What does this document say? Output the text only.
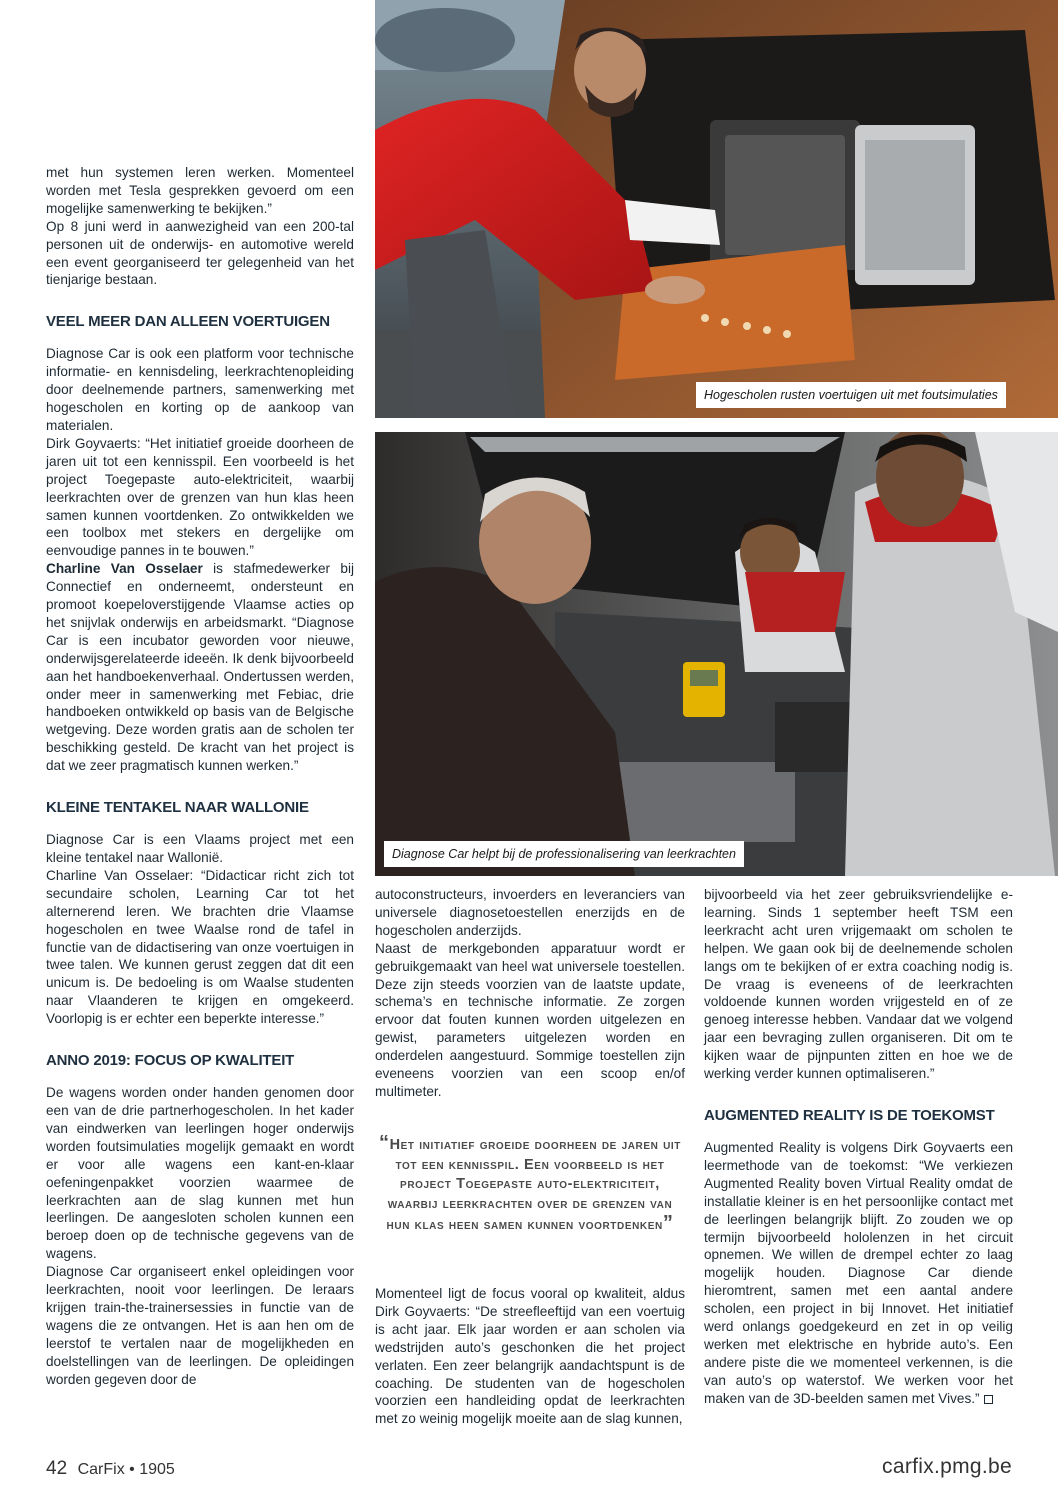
met hun systemen leren werken. Momenteel worden met Tesla gesprekken gevoerd om een mogelijke samenwerking te bekijken.”

Op 8 juni werd in aanwezigheid van een 200-tal personen uit de onderwijs- en automotive wereld een event georganiseerd ter gelegenheid van het tienjarige bestaan.

VEEL MEER DAN ALLEEN VOERTUIGEN

Diagnose Car is ook een platform voor technische informatie- en kennisdeling, leerkrachtenopleiding door deelnemende partners, samenwerking met hogescholen en korting op de aankoop van materialen.

Dirk Goyvaerts: “Het initiatief groeide doorheen de jaren uit tot een kennisspil. Een voorbeeld is het project Toegepaste auto-elektriciteit, waarbij leerkrachten over de grenzen van hun klas heen samen kunnen voortdenken. Zo ontwikkelden we een toolbox met stekers en dergelijke om eenvoudige pannes in te bouwen.”

Charline Van Osselaer is stafmedewerker bij Connectief en onderneemt, ondersteunt en promoot koepeloverstijgende Vlaamse acties op het snijvlak onderwijs en arbeidsmarkt. “Diagnose Car is een incubator geworden voor nieuwe, onderwijsgerelateerde ideeën. Ik denk bijvoorbeeld aan het handboekenverhaal. Ondertussen werden, onder meer in samenwerking met Febiac, drie handboeken ontwikkeld op basis van de Belgische wetgeving. Deze worden gratis aan de scholen ter beschikking gesteld. De kracht van het project is dat we zeer pragmatisch kunnen werken.”

KLEINE TENTAKEL NAAR WALLONIE

Diagnose Car is een Vlaams project met een kleine tentakel naar Wallonië.

Charline Van Osselaer: “Didacticar richt zich tot secundaire scholen, Learning Car tot het alternerend leren. We brachten drie Vlaamse hogescholen en twee Waalse rond de tafel in functie van de didactisering van onze voertuigen in twee talen. We kunnen gerust zeggen dat dit een unicum is. De bedoeling is om Waalse studenten naar Vlaanderen te krijgen en omgekeerd. Voorlopig is er echter een beperkte interesse.”

ANNO 2019: FOCUS OP KWALITEIT

De wagens worden onder handen genomen door een van de drie partnerhogescholen. In het kader van eindwerken van leerlingen hoger onderwijs worden foutsimulaties mogelijk gemaakt en wordt er voor alle wagens een kant-en-klaar oefeningenpakket voorzien waarmee de leerkrachten aan de slag kunnen met hun leerlingen. De aangesloten scholen kunnen een beroep doen op de technische gegevens van de wagens.

Diagnose Car organiseert enkel opleidingen voor leerkrachten, nooit voor leerlingen. De leraars krijgen train-the-trainersessies in functie van de wagens die ze ontvangen. Het is aan hen om de leerstof te vertalen naar de mogelijkheden en doelstellingen van de leerlingen. De opleidingen worden gegeven door de

Hogescholen rusten voertuigen uit met foutsimulaties
Diagnose Car helpt bij de professionalisering van leerkrachten

autoconstructeurs, invoerders en leveranciers van universele diagnosetoestellen enerzijds en de hogescholen anderzijds.

Naast de merkgebonden apparatuur wordt er gebruikgemaakt van heel wat universele toestellen. Deze zijn steeds voorzien van de laatste update, schema’s en technische informatie. Ze zorgen ervoor dat fouten kunnen worden uitgelezen en gewist, parameters uitgelezen worden en onderdelen aangestuurd. Sommige toestellen zijn eveneens voorzien van een scoop en/of multimeter.

“Het initiatief groeide doorheen de jaren uit tot een kennisspil. Een voorbeeld is het project Toegepaste auto-elektriciteit, waarbij leerkrachten over de grenzen van hun klas heen samen kunnen voortdenken”

Momenteel ligt de focus vooral op kwaliteit, aldus Dirk Goyvaerts: “De streefleeftijd van een voertuig is acht jaar. Elk jaar worden er aan scholen via wedstrijden auto’s geschonken die het project verlaten. Een zeer belangrijk aandachtspunt is de coaching. De studenten van de hogescholen voorzien een handleiding opdat de leerkrachten met zo weinig mogelijk moeite aan de slag kunnen,

bijvoorbeeld via het zeer gebruiksvriendelijke e-learning. Sinds 1 september heeft TSM een leerkracht acht uren vrijgemaakt om scholen te helpen. We gaan ook bij de deelnemende scholen langs om te bekijken of er extra coaching nodig is. De vraag is eveneens of de leerkrachten voldoende kunnen worden vrijgesteld en of ze genoeg interesse hebben. Vandaar dat we volgend jaar een bevraging zullen organiseren. Dit om te kijken waar de pijnpunten zitten en hoe we de werking verder kunnen optimaliseren.”

AUGMENTED REALITY IS DE TOEKOMST

Augmented Reality is volgens Dirk Goyvaerts een leermethode van de toekomst: “We verkiezen Augmented Reality boven Virtual Reality omdat de installatie kleiner is en het persoonlijke contact met de leerlingen belangrijk blijft. Zo zouden we op termijn bijvoorbeeld hololenzen in het circuit opnemen. We willen de drempel echter zo laag mogelijk houden. Diagnose Car diende hieromtrent, samen met een aantal andere scholen, een project in bij Innovet. Het initiatief werd onlangs goedgekeurd en zet in op veilig werken met elektrische en hybride auto’s. Een andere piste die we momenteel verkennen, is die van auto’s op waterstof. We werken voor het maken van de 3D-beelden samen met Vives.”

42 CarFix • 1905	carfix.pmg.be
